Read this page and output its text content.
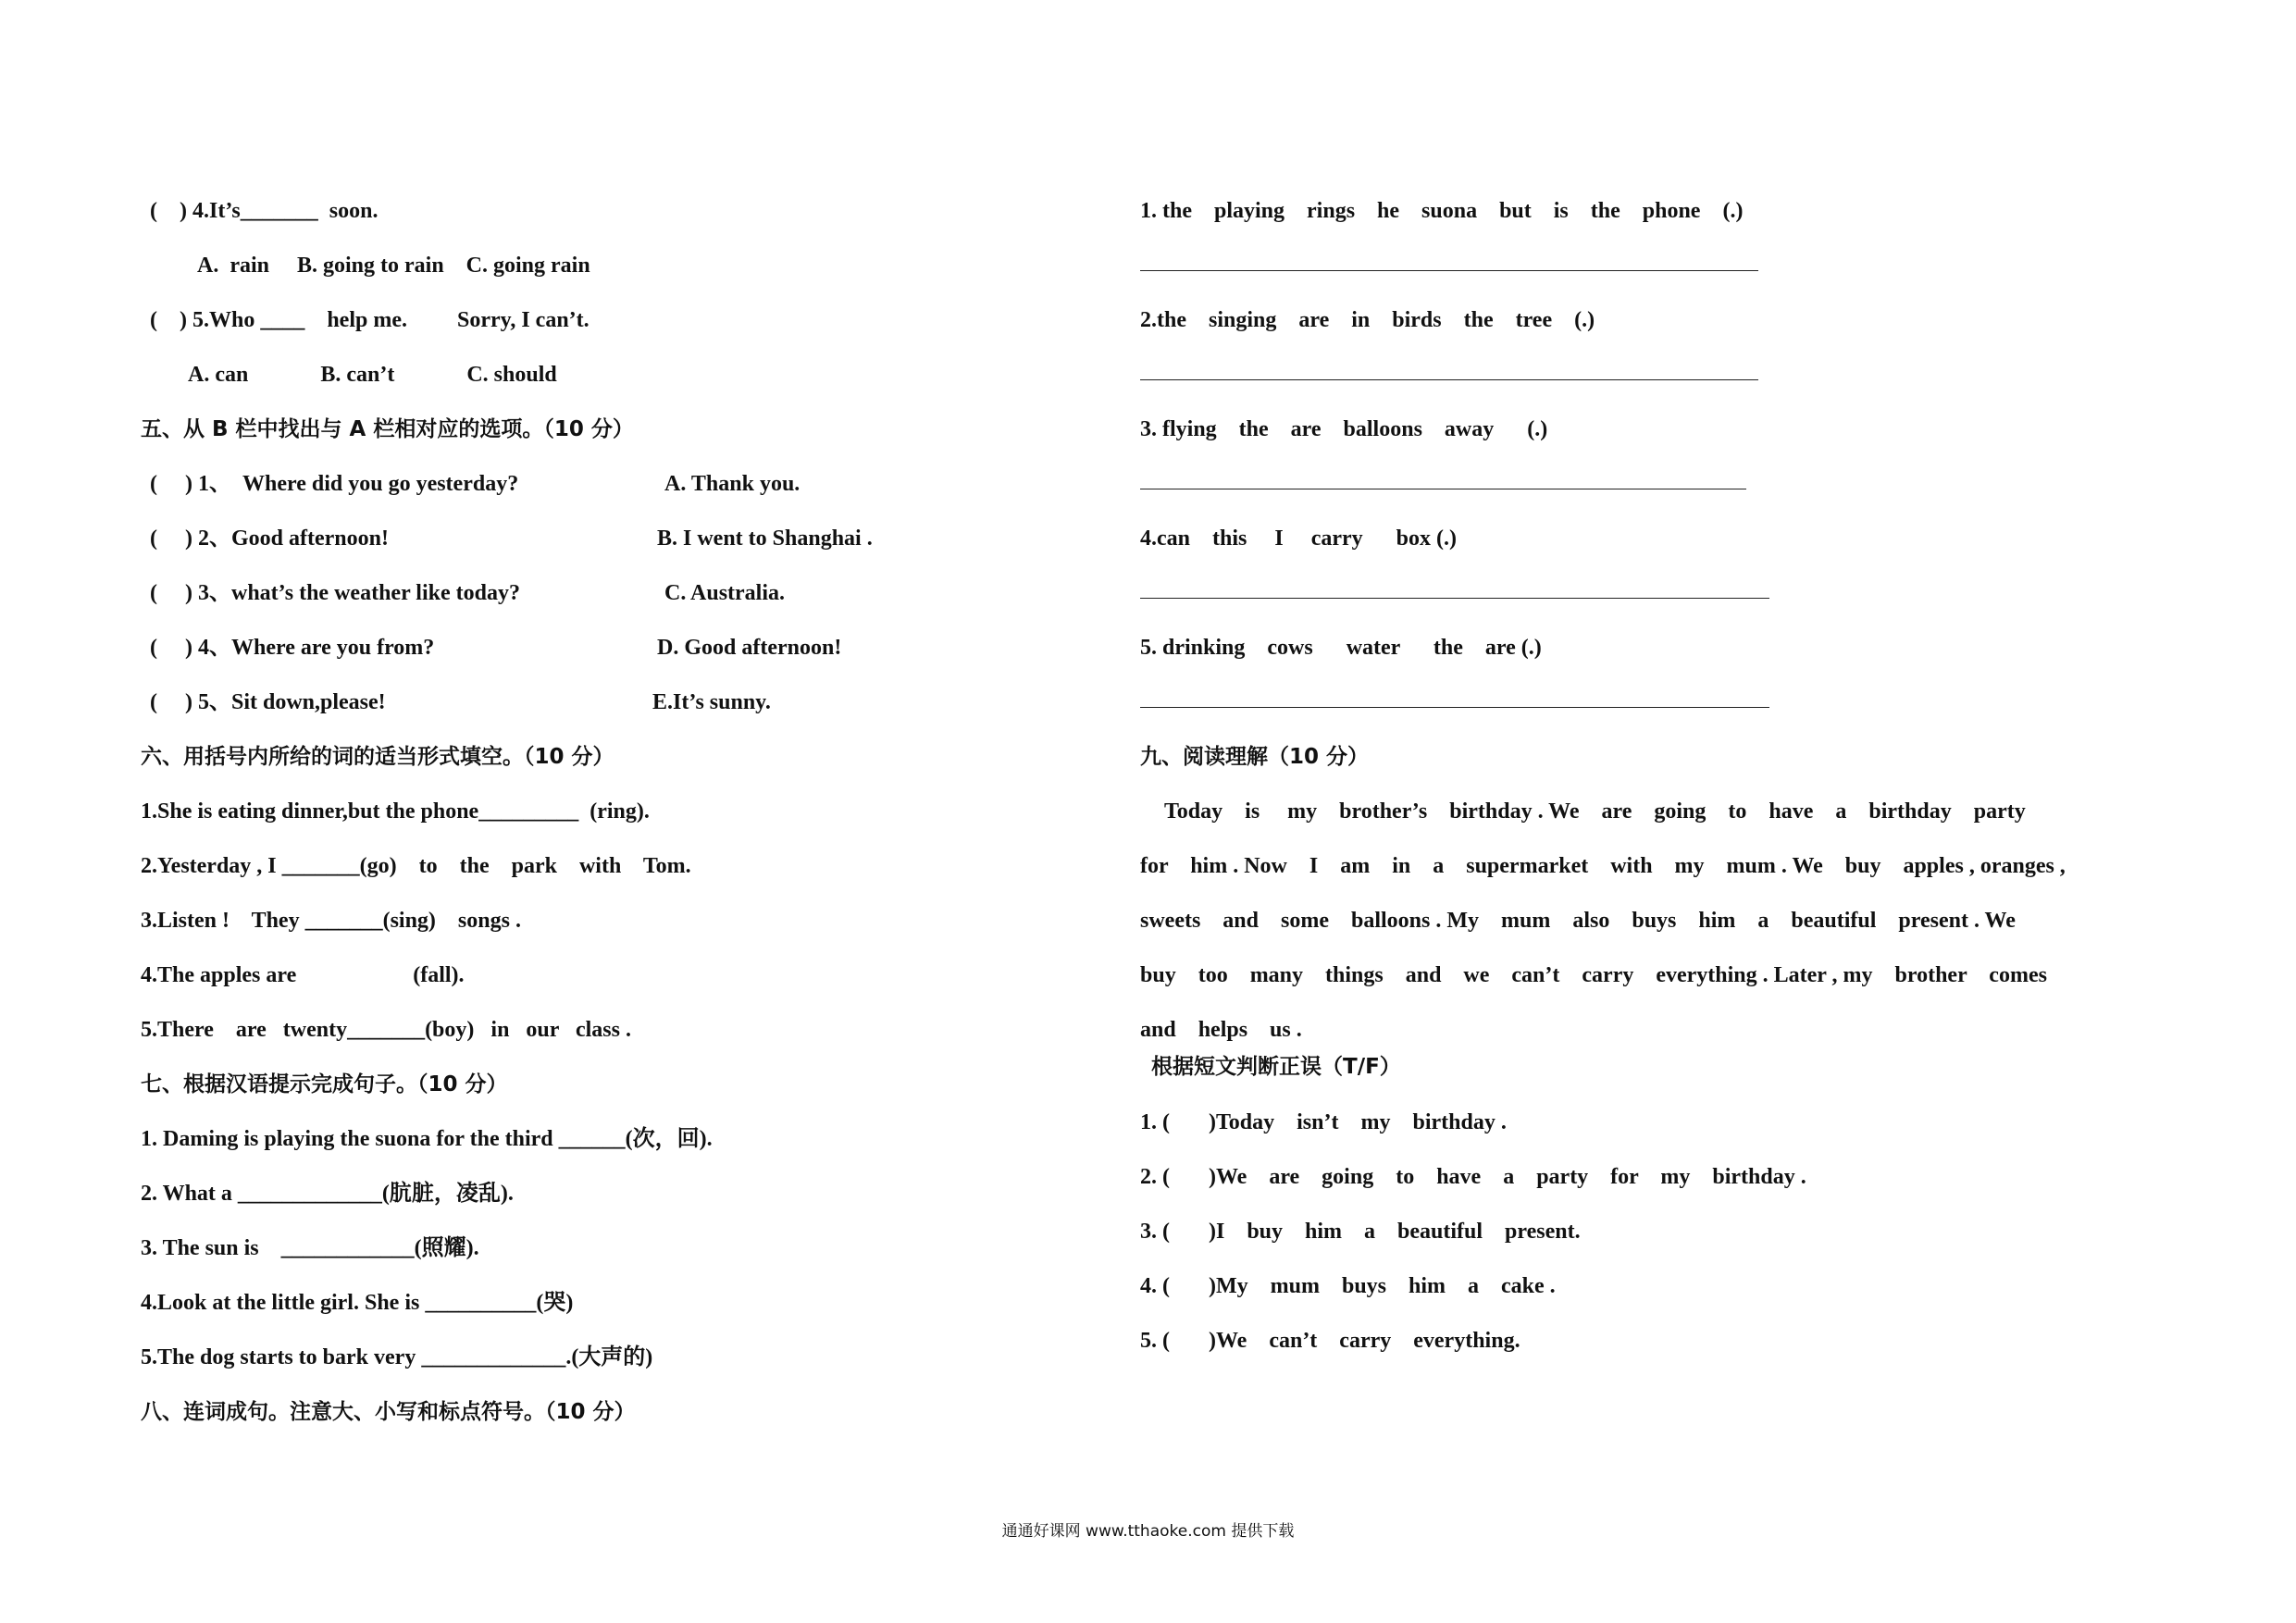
(    ) 4.It’s_______  soon.
A.  rain     B. going to rain    C. going rain
(    ) 5.Who ____    help me.         Sorry, I can’t.
A. can             B. can’t             C. should
五、从 B 栏中找出与 A 栏相对应的选项。（10 分）
(     ) 1、  Where did you go yesterday?	A. Thank you.
(     ) 2、Good afternoon!	B. I went to Shanghai .
(     ) 3、what’s the weather like today?	C. Australia.
(     ) 4、Where are you from?	D. Good afternoon!
(     ) 5、Sit down,please!	E.It’s sunny.
六、用括号内所给的词的适当形式填空。（10 分）
1.She is eating dinner,but the phone_________  (ring).
2.Yesterday , I _______(go)    to    the    park    with    Tom.
3.Listen !    They _______(sing)    songs .
4.The apples are                     (fall).
5.There    are   twenty_______(boy)   in   our   class .
七、根据汉语提示完成句子。（10 分）
1. Daming is playing the suona for the third ______(次，回).
2. What a _____________(肮脏，凌乱).
3. The sun is    ____________(照耀).
4.Look at the little girl. She is __________(哭)
5.The dog starts to bark very _____________.(大声的)
八、连词成句。注意大、小写和标点符号。（10 分）
1. the    playing    rings    he    suona    but    is    the    phone    (.)
2.the    singing    are    in    birds    the    tree    (.)
3. flying    the    are    balloons    away      (.)
4.can    this     I     carry      box (.)
5. drinking    cows      water      the    are (.)
九、阅读理解（10 分）
Today    is     my    brother’s    birthday . We    are    going    to    have    a    birthday    party
for    him . Now    I    am    in    a    supermarket    with    my    mum . We    buy    apples , oranges ,
sweets    and    some    balloons . My    mum    also    buys    him    a    beautiful    present . We
buy    too    many    things    and    we    can’t    carry    everything . Later , my    brother    comes
and    helps    us .
根据短文判断正误（T/F）
1. (       )Today    isn’t    my    birthday .
2. (       )We    are    going    to    have    a    party    for    my    birthday .
3. (       )I    buy    him    a    beautiful    present.
4. (       )My    mum    buys    him    a    cake .
5. (       )We    can’t    carry    everything.
通通好课网 www.tthaoke.com 提供下载
